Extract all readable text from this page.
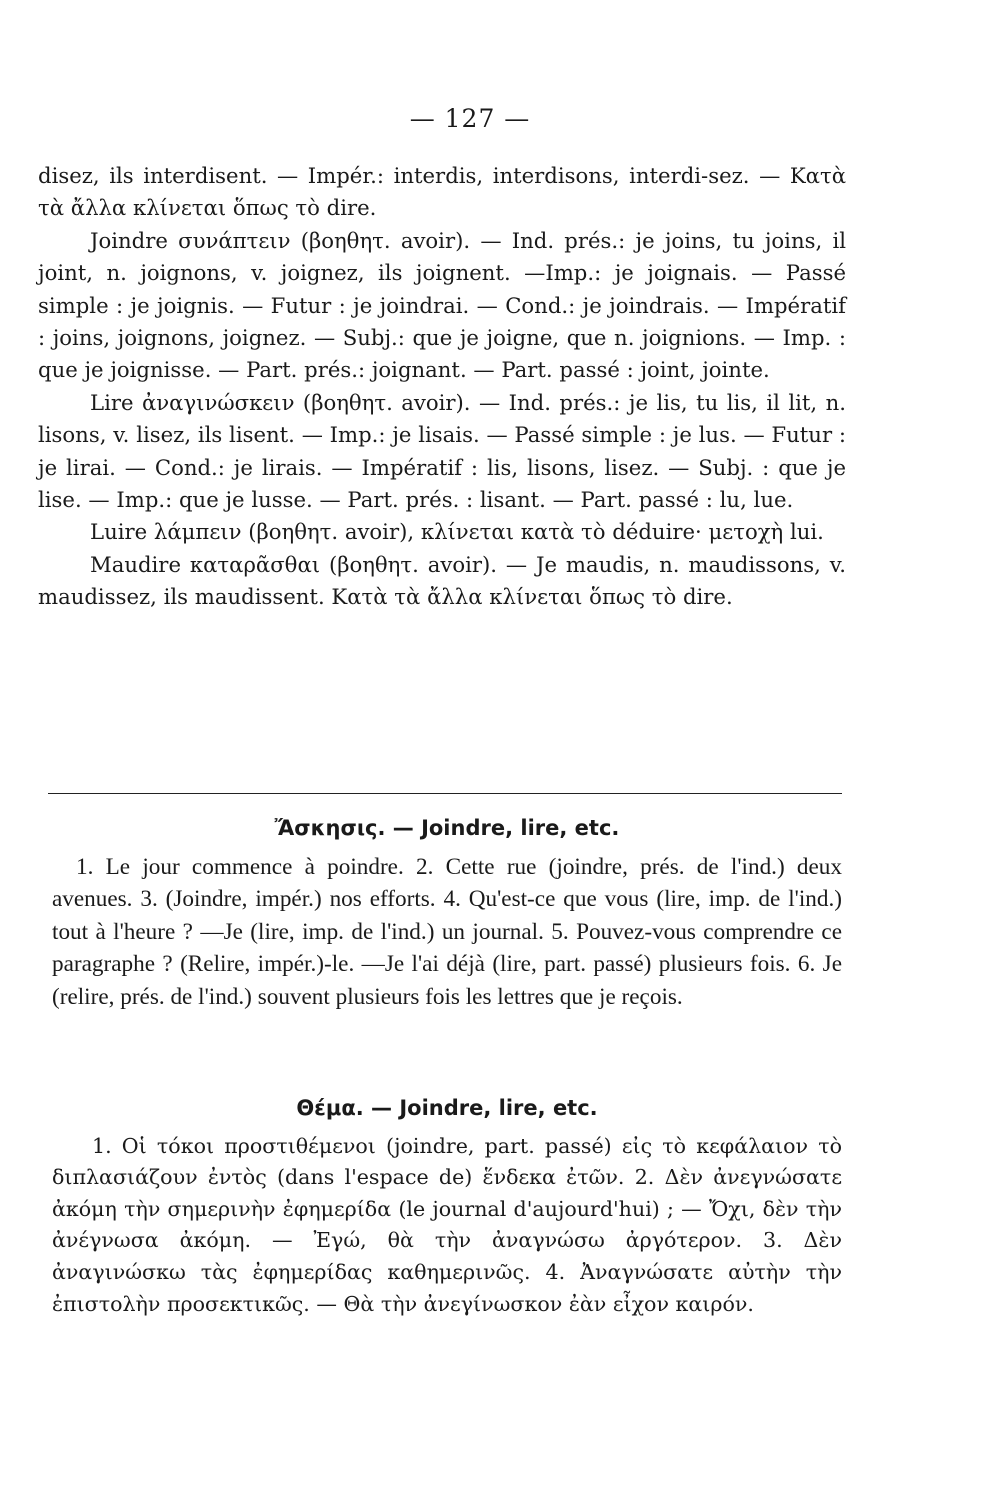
— 127 —

disez, ils interdisent. — Impér.: interdis, interdisons, interdi-sez. — Κατὰ τὰ ἄλλα κλίνεται ὅπως τὸ dire.

Joindre συνάπτειν (βοηθητ. avoir). — Ind. prés.: je joins, tu joins, il joint, n. joignons, v. joignez, ils joignent. —Imp.: je joignais. — Passé simple : je joignis. — Futur : je joindrai. — Cond.: je joindrais. — Impératif : joins, joignons, joignez. — Subj.: que je joigne, que n. joignions. — Imp. : que je joignisse. — Part. prés.: joignant. — Part. passé : joint, jointe.

Lire ἀναγινώσκειν (βοηθητ. avoir). — Ind. prés.: je lis, tu lis, il lit, n. lisons, v. lisez, ils lisent. — Imp.: je lisais. — Passé simple : je lus. — Futur : je lirai. — Cond.: je lirais. — Impératif : lis, lisons, lisez. — Subj. : que je lise. — Imp.: que je lusse. — Part. prés. : lisant. — Part. passé : lu, lue.

Luire λάμπειν (βοηθητ. avoir), κλίνεται κατὰ τὸ déduire· μετοχὴ lui.

Maudire καταρᾶσθαι (βοηθητ. avoir). — Je maudis, n. maudissons, v. maudissez, ils maudissent. Κατὰ τὰ ἄλλα κλίνεται ὅπως τὸ dire.

Ἄσκησις. — Joindre, lire, etc.

1. Le jour commence à poindre. 2. Cette rue (joindre, prés. de l'ind.) deux avenues. 3. (Joindre, impér.) nos efforts. 4. Qu'est-ce que vous (lire, imp. de l'ind.) tout à l'heure ? —Je (lire, imp. de l'ind.) un journal. 5. Pouvez-vous comprendre ce paragraphe ? (Relire, impér.)-le. —Je l'ai déjà (lire, part. passé) plusieurs fois. 6. Je (relire, prés. de l'ind.) souvent plusieurs fois les lettres que je reçois.

Θέμα. — Joindre, lire, etc.

1. Οἱ τόκοι προστιθέμενοι (joindre, part. passé) εἰς τὸ κεφάλαιον τὸ διπλασιάζουν ἐντὸς (dans l'espace de) ἕνδεκα ἐτῶν. 2. Δὲν ἀνεγνώσατε ἀκόμη τὴν σημερινὴν ἐφημερίδα (le journal d'aujourd'hui) ; — Ὄχι, δὲν τὴν ἀνέγνωσα ἀκόμη. — Ἐγώ, θὰ τὴν ἀναγνώσω ἀργότερον. 3. Δὲν ἀναγινώσκω τὰς ἐφημερίδας καθημερινῶς. 4. Ἀναγνώσατε αὐτὴν τὴν ἐπιστολὴν προσεκτικῶς. — Θὰ τὴν ἀνεγίνωσκον ἐὰν εἶχον καιρόν.
